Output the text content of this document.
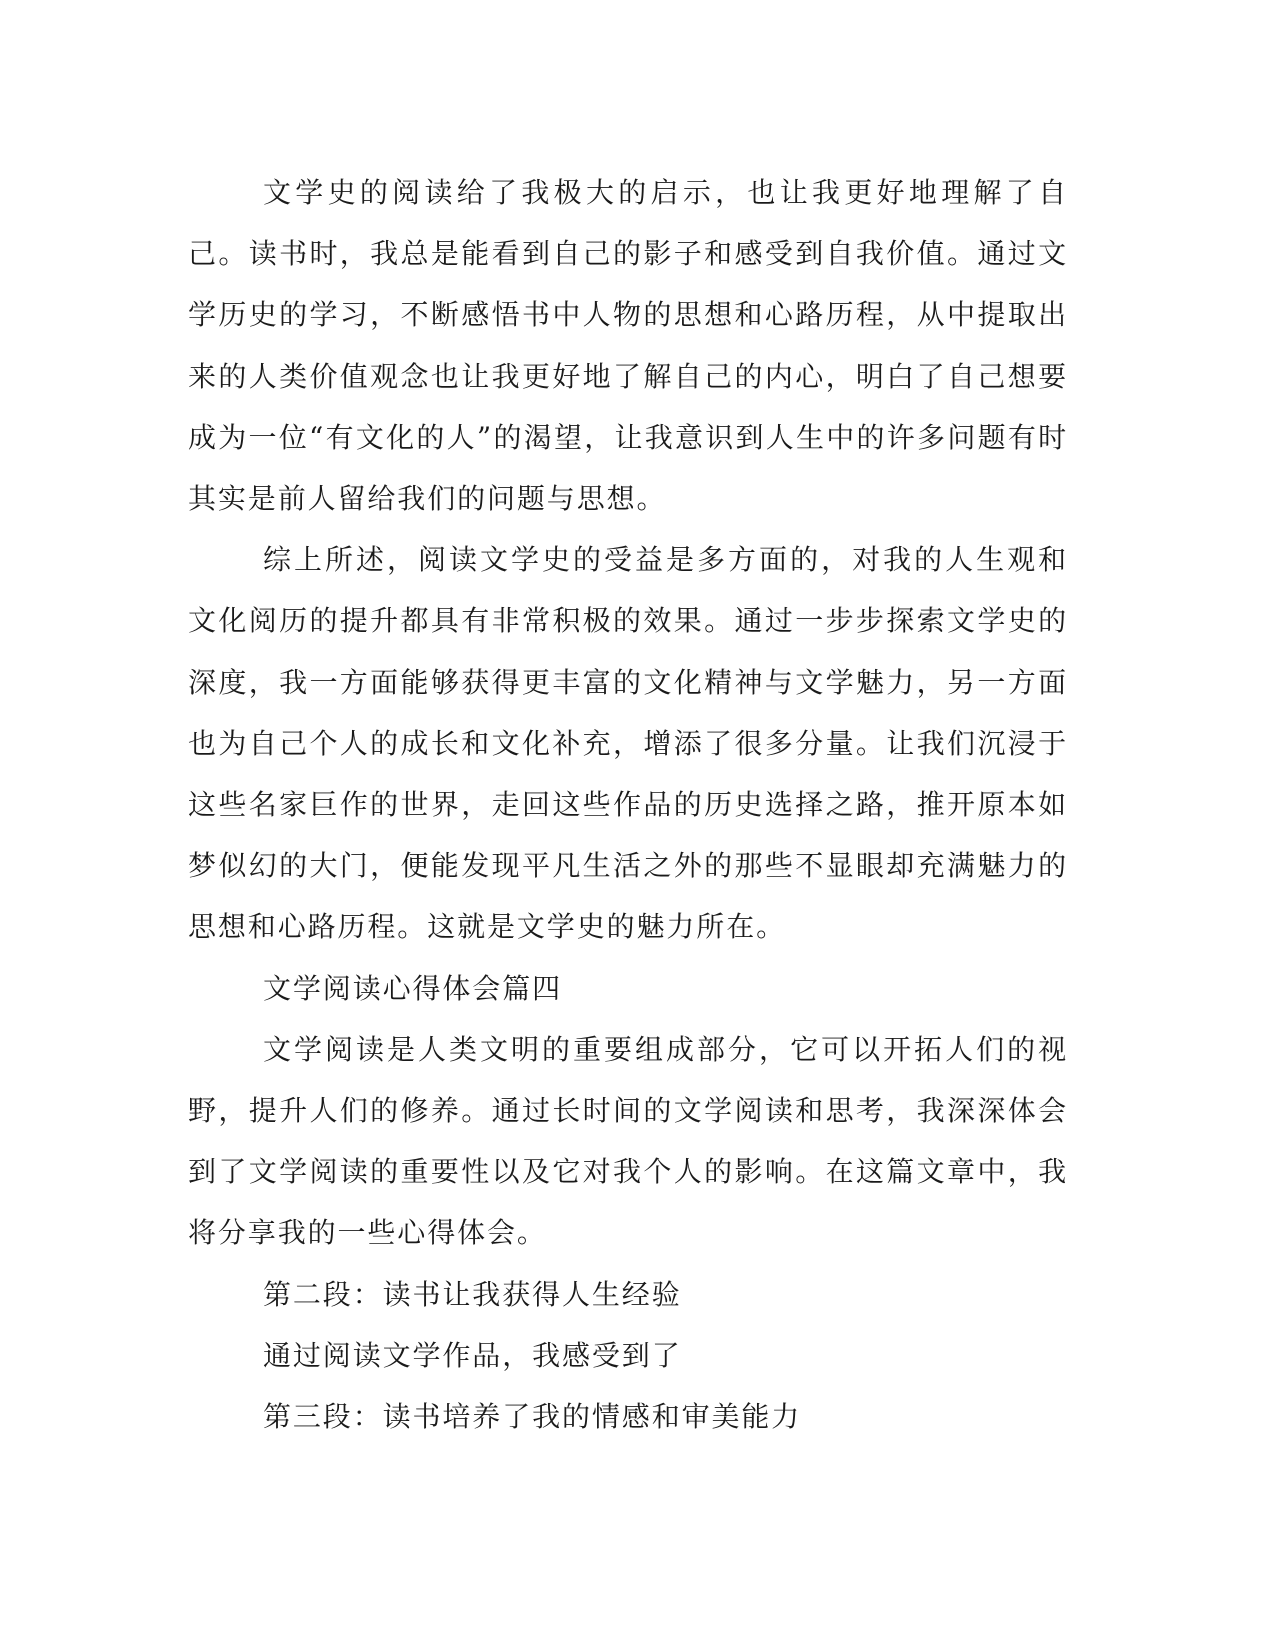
文学史的阅读给了我极大的启示，也让我更好地理解了自己。读书时，我总是能看到自己的影子和感受到自我价值。通过文学历史的学习，不断感悟书中人物的思想和心路历程，从中提取出来的人类价值观念也让我更好地了解自己的内心，明白了自己想要成为一位“有文化的人”的渴望，让我意识到人生中的许多问题有时其实是前人留给我们的问题与思想。

综上所述，阅读文学史的受益是多方面的，对我的人生观和文化阅历的提升都具有非常积极的效果。通过一步步探索文学史的深度，我一方面能够获得更丰富的文化精神与文学魅力，另一方面也为自己个人的成长和文化补充，增添了很多分量。让我们沉浸于这些名家巨作的世界，走回这些作品的历史选择之路，推开原本如梦似幻的大门，便能发现平凡生活之外的那些不显眼却充满魅力的思想和心路历程。这就是文学史的魅力所在。

文学阅读心得体会篇四

文学阅读是人类文明的重要组成部分，它可以开拓人们的视野，提升人们的修养。通过长时间的文学阅读和思考，我深深体会到了文学阅读的重要性以及它对我个人的影响。在这篇文章中，我将分享我的一些心得体会。

第二段：读书让我获得人生经验

通过阅读文学作品，我感受到了

第三段：读书培养了我的情感和审美能力
